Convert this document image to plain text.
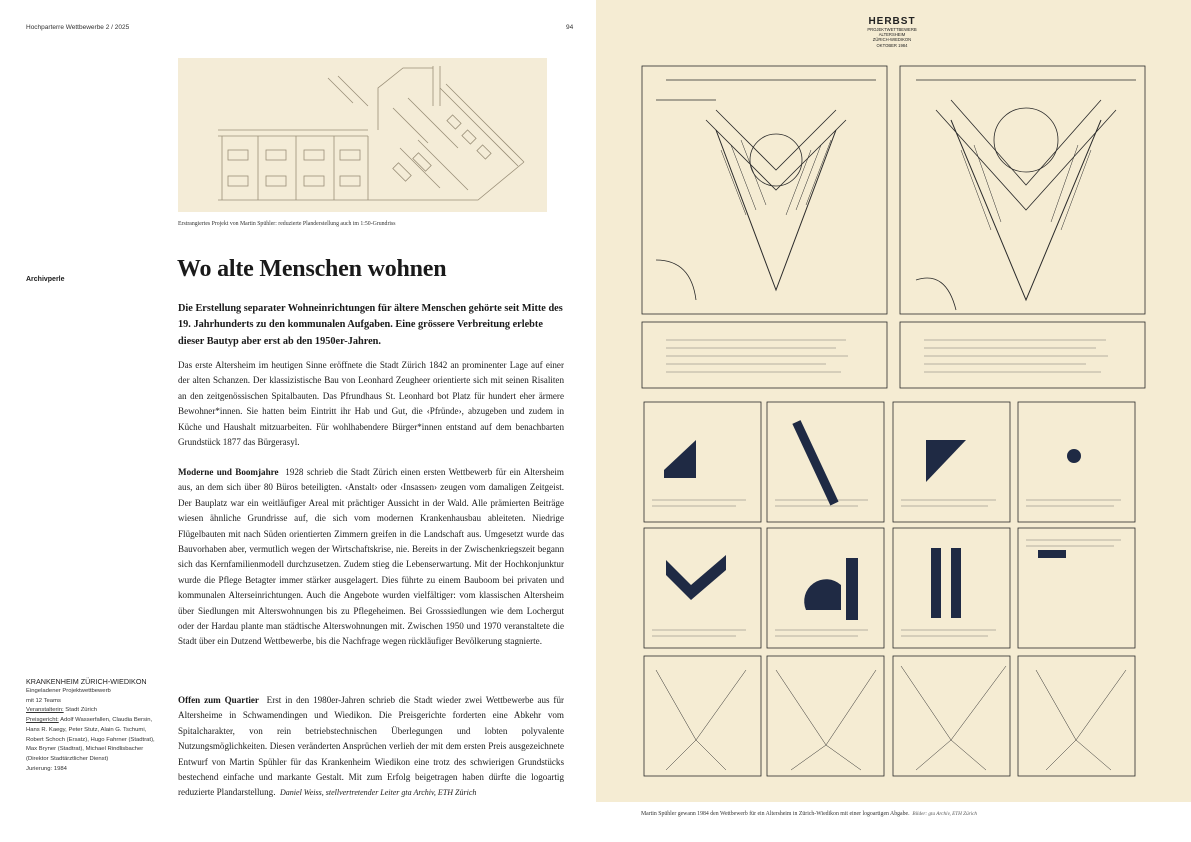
Hochparterre Wettbewerbe 2 / 2025	94
Erstrangiertes Projekt von Martin Spühler: reduzierte Planderstellung auch im 1:50-Grundriss
Archivperle	Wo alte Menschen wohnen

Die Erstellung separater Wohneinrichtungen für ältere Menschen gehörte seit Mitte des 19. Jahrhunderts zu den kommunalen Aufgaben. Eine grössere Verbreitung erlebte dieser Bautyp aber erst ab den 1950er-Jahren.

Das erste Altersheim im heutigen Sinne eröffnete die Stadt Zürich 1842 an prominenter Lage auf einer der alten Schanzen. Der klassizistische Bau von Leonhard Zeugheer orientierte sich mit seinen Risaliten an den zeitgenössischen Spitalbauten. Das Pfrundhaus St. Leonhard bot Platz für hundert eher ärmere Bewohner*innen. Sie hatten beim Eintritt ihr Hab und Gut, die ‹Pfründe›, abzugeben und zudem in Küche und Haushalt mitzuarbeiten. Für wohlhabendere Bürger*innen entstand auf dem benachbarten Grundstück 1877 das Bürgerasyl.

Moderne und Boomjahre 1928 schrieb die Stadt Zürich einen ersten Wettbewerb für ein Altersheim aus, an dem sich über 80 Büros beteiligten. ‹Anstalt› oder ‹Insassen› zeugen vom damaligen Zeitgeist. Der Bauplatz war ein weitläufiger Areal mit prächtiger Aussicht in der Wald. Alle prämierten Beiträge wiesen ähnliche Grundrisse auf, die sich vom modernen Krankenhausbau ableiteten. Niedrige Flügelbauten mit nach Süden orientierten Zimmern greifen in die Landschaft aus. Umgesetzt wurde das Bauvorhaben aber, vermutlich wegen der Wirtschaftskrise, nie. Bereits in der Zwischenkriegszeit begann sich das Kernfamilienmodell durchzusetzen. Zudem stieg die Lebenserwartung. Mit der Hochkonjunktur wurde die Pflege Betagter immer stärker ausgelagert. Dies führte zu einem Bauboom bei privaten und kommunalen Alterseinrichtungen. Auch die Angebote wurden vielfältiger: vom klassischen Altersheim über Siedlungen mit Alterswohnungen bis zu Pflegeheimen. Bei Grosssiedlungen wie dem Lochergut oder der Hardau plante man städtische Alterswohnungen mit. Zwischen 1950 und 1970 veranstaltete die Stadt über ein Dutzend Wettbewerbe, bis die Nachfrage wegen rückläufiger Bevölkerung stagnierte.

Offen zum Quartier Erst in den 1980er-Jahren schrieb die Stadt wieder zwei Wettbewerbe aus für Altersheime in Schwamendingen und Wiedikon. Die Preisgerichte forderten eine Abkehr vom Spitalcharakter, von rein betriebstechnischen Überlegungen und lobten polyvalente Nutzungsmöglichkeiten. Diesen veränderten Ansprüchen verlieh der mit dem ersten Preis ausgezeichnete Entwurf von Martin Spühler für das Krankenheim Wiedikon eine trotz des schwierigen Grundstücks bestechend einfache und markante Gestalt. Mit zum Erfolg beigetragen haben dürfte die logoartig reduzierte Plandarstellung. Daniel Weiss, stellvertretender Leiter gta Archiv, ETH Zürich

KRANKENHEIM ZÜRICH-WIEDIKON
Eingeladener Projektwettbewerb
mit 12 Teams
Veranstalterin: Stadt Zürich
Preisgericht: Adolf Wasserfallen, Claudia Bersin, Hans R. Kaegy, Peter Stutz, Alain G. Tschumi, Robert Schoch (Ersatz), Hugo Fahrner (Stadtrat), Max Bryner (Stadtrat), Michael Rindlisbacher (Direktor Stadtärztlicher Dienst)
Jurierung: 1984
HERBST
PROJEKTWETTBEWERB
ALTERSHEIM
ZÜRICH-WIEDIKON
OKTOBER 1984
Martin Spühler gewann 1984 den Wettbewerb für ein Altersheim in Zürich-Wiedikon mit einer logoartigen Abgabe. Bilder: gta Archiv, ETH Zürich
